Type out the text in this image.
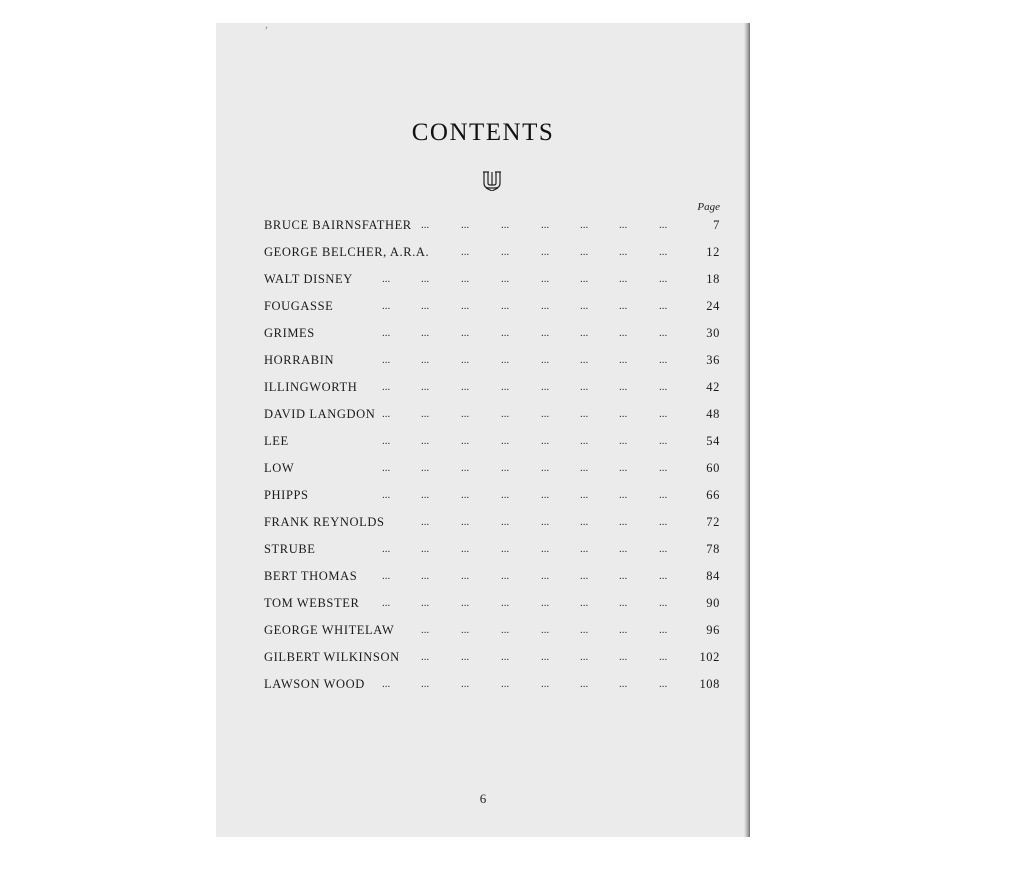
ʼ
CONTENTS
Page
BRUCE BAIRNSFATHER ...	...	...	...	...	...	...	7
GEORGE BELCHER, A.R.A.	...	...	...	...	...	...	12
WALT DISNEY	...	...	...	...	...	...	...	...	18
FOUGASSE	...	...	...	...	...	...	...	...	24
GRIMES	...	...	...	...	...	...	...	...	30
HORRABIN	...	...	...	...	...	...	...	...	36
ILLINGWORTH ...	...	...	...	...	...	...	...	42
DAVID LANGDON ...	...	...	...	...	...	...	...	48
LEE	...	...	...	...	...	...	...	...	54
LOW	...	...	...	...	...	...	...	...	60
PHIPPS	...	...	...	...	...	...	...	...	66
FRANK REYNOLDS	...	...	...	...	...	...	...	72
STRUBE	...	...	...	...	...	...	...	...	78
BERT THOMAS ...	...	...	...	...	...	...	...	84
TOM WEBSTER ...	...	...	...	...	...	...	...	90
GEORGE WHITELAW ...	...	...	...	...	...	...	96
GILBERT WILKINSON ...	...	...	...	...	...	...	102
LAWSON WOOD ...	...	...	...	...	...	...	...	108
6
